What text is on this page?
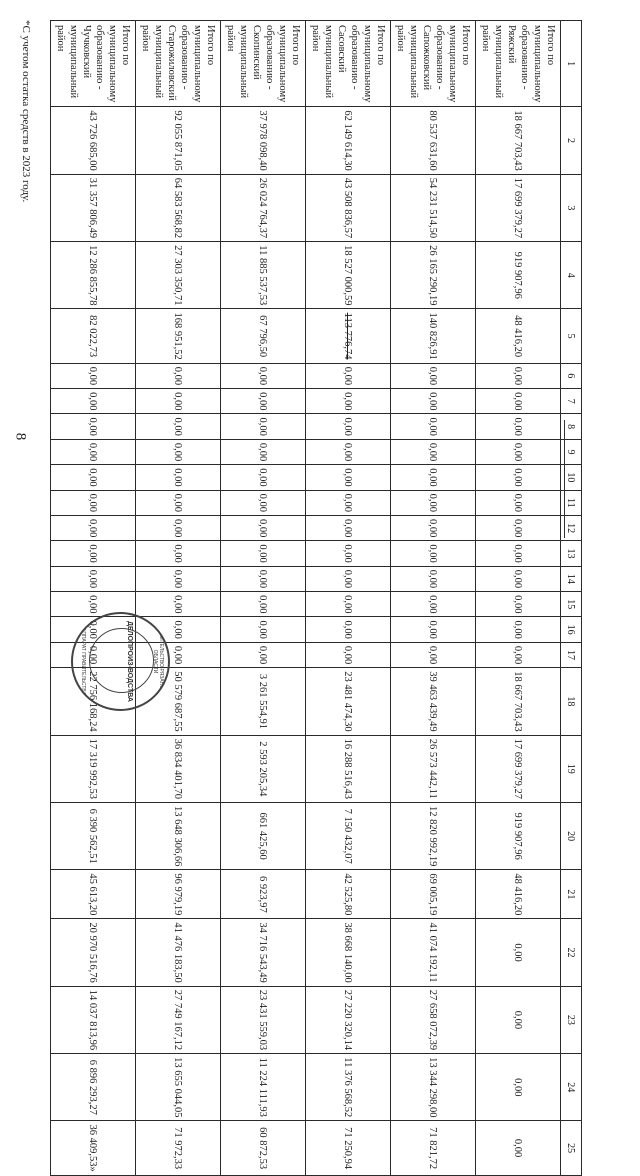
8
1	2	3	4	5	6	7	8	9	10	11	12	13	14	15	16	17	18	19	20	21	22	23	24	25
Итого по муниципальному образованию - Ряжский муниципальный район	18 667 703,43	17 699 379,27	919 907,96	48 416,20	0,00	0,00	0,00	0,00	0,00	0,00	0,00	0,00	0,00	0,00	0,00	0,00	18 667 703,43	17 699 379,27	919 907,96	48 416,20	0,00	0,00	0,00	0,00
Итого по муниципальному образованию - Сапожковский муниципальный район	80 537 631,60	54 231 514,50	26 165 290,19	140 826,91	0,00	0,00	0,00	0,00	0,00	0,00	0,00	0,00	0,00	0,00	0,00	0,00	39 463 439,49	26 573 442,11	12 820 992,19	69 005,19	41 074 192,11	27 658 072,39	13 344 298,00	71 821,72
Итого по муниципальному образованию - Сасовский муниципальный район	62 149 614,30	43 508 836,57	18 527 000,59	113 776,74	0,00	0,00	0,00	0,00	0,00	0,00	0,00	0,00	0,00	0,00	0,00	0,00	23 481 474,30	16 288 516,43	7 150 432,07	42 525,80	38 668 140,00	27 220 320,14	11 376 568,52	71 250,94
Итого по муниципальному образованию - Скопинский муниципальный район	37 978 098,40	26 024 764,37	11 885 537,53	67 796,50	0,00	0,00	0,00	0,00	0,00	0,00	0,00	0,00	0,00	0,00	0,00	0,00	3 261 554,91	2 593 205,34	661 425,60	6 923,97	34 716 543,49	23 431 559,03	11 224 111,93	60 872,53
Итого по муниципальному образованию - Старожиловский муниципальный район	92 055 871,05	64 583 568,82	27 303 350,71	168 951,52	0,00	0,00	0,00	0,00	0,00	0,00	0,00	0,00	0,00	0,00	0,00	0,00	50 579 687,55	36 834 401,70	13 648 306,66	96 979,19	41 476 183,50	27 749 167,12	13 655 044,05	71 972,33
Итого по муниципальному образованию - Чучковский муниципальный район	43 726 685,00	31 357 806,49	12 286 855,78	82 022,73	0,00	0,00	0,00	0,00	0,00	0,00	0,00	0,00	0,00	0,00	0,00	0,00	22 756 168,24	17 319 992,53	6 390 562,51	45 613,20	20 970 516,76	14 037 813,96	6 896 293,27	36 409,53»
ПРАВИТЕЛЬСТВО РЯЗАНСКОЙ ОБЛАСТИ
ДЕЛОПРОИЗ-ВОДСТВА
АППАРАТ ПРАВИТЕЛЬСТВА
*С учетом остатка средств в 2023 году.
